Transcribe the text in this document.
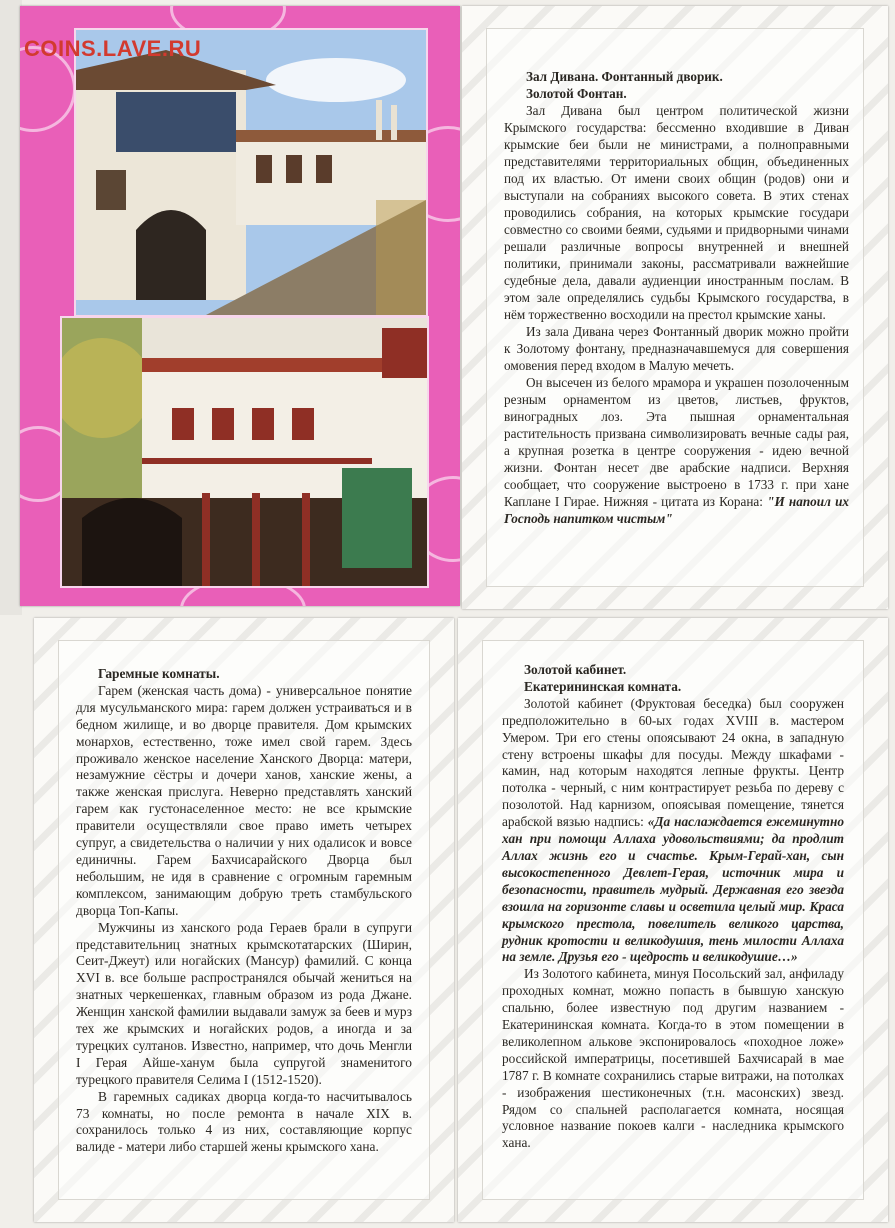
COINS.LAVE.RU
Зал Дивана. Фонтанный дворик.
Золотой Фонтан.

Зал Дивана был центром политической жизни Крымского государства: бессменно входившие в Диван крымские беи были не министрами, а полноправными представителями территориальных общин, объединенных под их властью. От имени своих общин (родов) они и выступали на собраниях высокого совета. В этих стенах проводились собрания, на которых крымские государи совместно со своими беями, судьями и придворными чинами решали различные вопросы внутренней и внешней политики, принимали законы, рассматривали важнейшие судебные дела, давали аудиенции иностранным послам. В этом зале определялись судьбы Крымского государства, в нём торжественно восходили на престол крымские ханы.

Из зала Дивана через Фонтанный дворик можно пройти к Золотому фонтану, предназначавшемуся для совершения омовения перед входом в Малую мечеть.

Он высечен из белого мрамора и украшен позолоченным резным орнаментом из цветов, листьев, фруктов, виноградных лоз. Эта пышная орнаментальная растительность призвана символизировать вечные сады рая, а крупная розетка в центре сооружения - идею вечной жизни. Фонтан несет две арабские надписи. Верхняя сообщает, что сооружение выстроено в 1733 г. при хане Каплане I Гирае. Нижняя - цитата из Корана: "И напоил их Господь напитком чистым"

Гаремные комнаты.

Гарем (женская часть дома) - универсальное понятие для мусульманского мира: гарем должен устраиваться и в бедном жилище, и во дворце правителя. Дом крымских монархов, естественно, тоже имел свой гарем. Здесь проживало женское население Ханского Дворца: матери, незамужние сёстры и дочери ханов, ханские жены, а также женская прислуга. Неверно представлять ханский гарем как густонаселенное место: не все крымские правители осуществляли свое право иметь четырех супруг, а свидетельства о наличии у них одалисок и вовсе единичны. Гарем Бахчисарайского Дворца был небольшим, не идя в сравнение с огромным гаремным комплексом, занимающим добрую треть стамбульского дворца Топ-Капы.

Мужчины из ханского рода Гераев брали в супруги представительниц знатных крымскотатарских (Ширин, Сеит-Джеут) или ногайских (Мансур) фамилий. С конца XVI в. все больше распространялся обычай жениться на знатных черкешенках, главным образом из рода Джане. Женщин ханской фамилии выдавали замуж за беев и мурз тех же крымских и ногайских родов, а иногда и за турецких султанов. Известно, например, что дочь Менгли I Герая Айше-ханум была супругой знаменитого турецкого правителя Селима I (1512-1520).

В гаремных садиках дворца когда-то насчитывалось 73 комнаты, но после ремонта в начале XIX в. сохранилось только 4 из них, составляющие корпус валиде - матери либо старшей жены крымского хана.

Золотой кабинет.
Екатерининская комната.

Золотой кабинет (Фруктовая беседка) был сооружен предположительно в 60-ых годах XVIII в. мастером Умером. Три его стены опоясывают 24 окна, в западную стену встроены шкафы для посуды. Между шкафами - камин, над которым находятся лепные фрукты. Центр потолка - черный, с ним контрастирует резьба по дереву с позолотой. Над карнизом, опоясывая помещение, тянется арабской вязью надпись: «Да наслаждается ежеминутно хан при помощи Аллаха удовольствиями; да продлит Аллах жизнь его и счастье. Крым-Герай-хан, сын высокостепенного Девлет-Герая, источник мира и безопасности, правитель мудрый. Державная его звезда взошла на горизонте славы и осветила целый мир. Краса крымского престола, повелитель великого царства, рудник кротости и великодушия, тень милости Аллаха на земле. Друзья его - щедрость и великодушие…»

Из Золотого кабинета, минуя Посольский зал, анфиладу проходных комнат, можно попасть в бывшую ханскую спальню, более известную под другим названием - Екатерининская комната. Когда-то в этом помещении в великолепном алькове экспонировалось «походное ложе» российской императрицы, посетившей Бахчисарай в мае 1787 г. В комнате сохранились старые витражи, на потолках - изображения шестиконечных (т.н. масонских) звезд. Рядом со спальней располагается комната, носящая условное название покоев калги - наследника крымского хана.
